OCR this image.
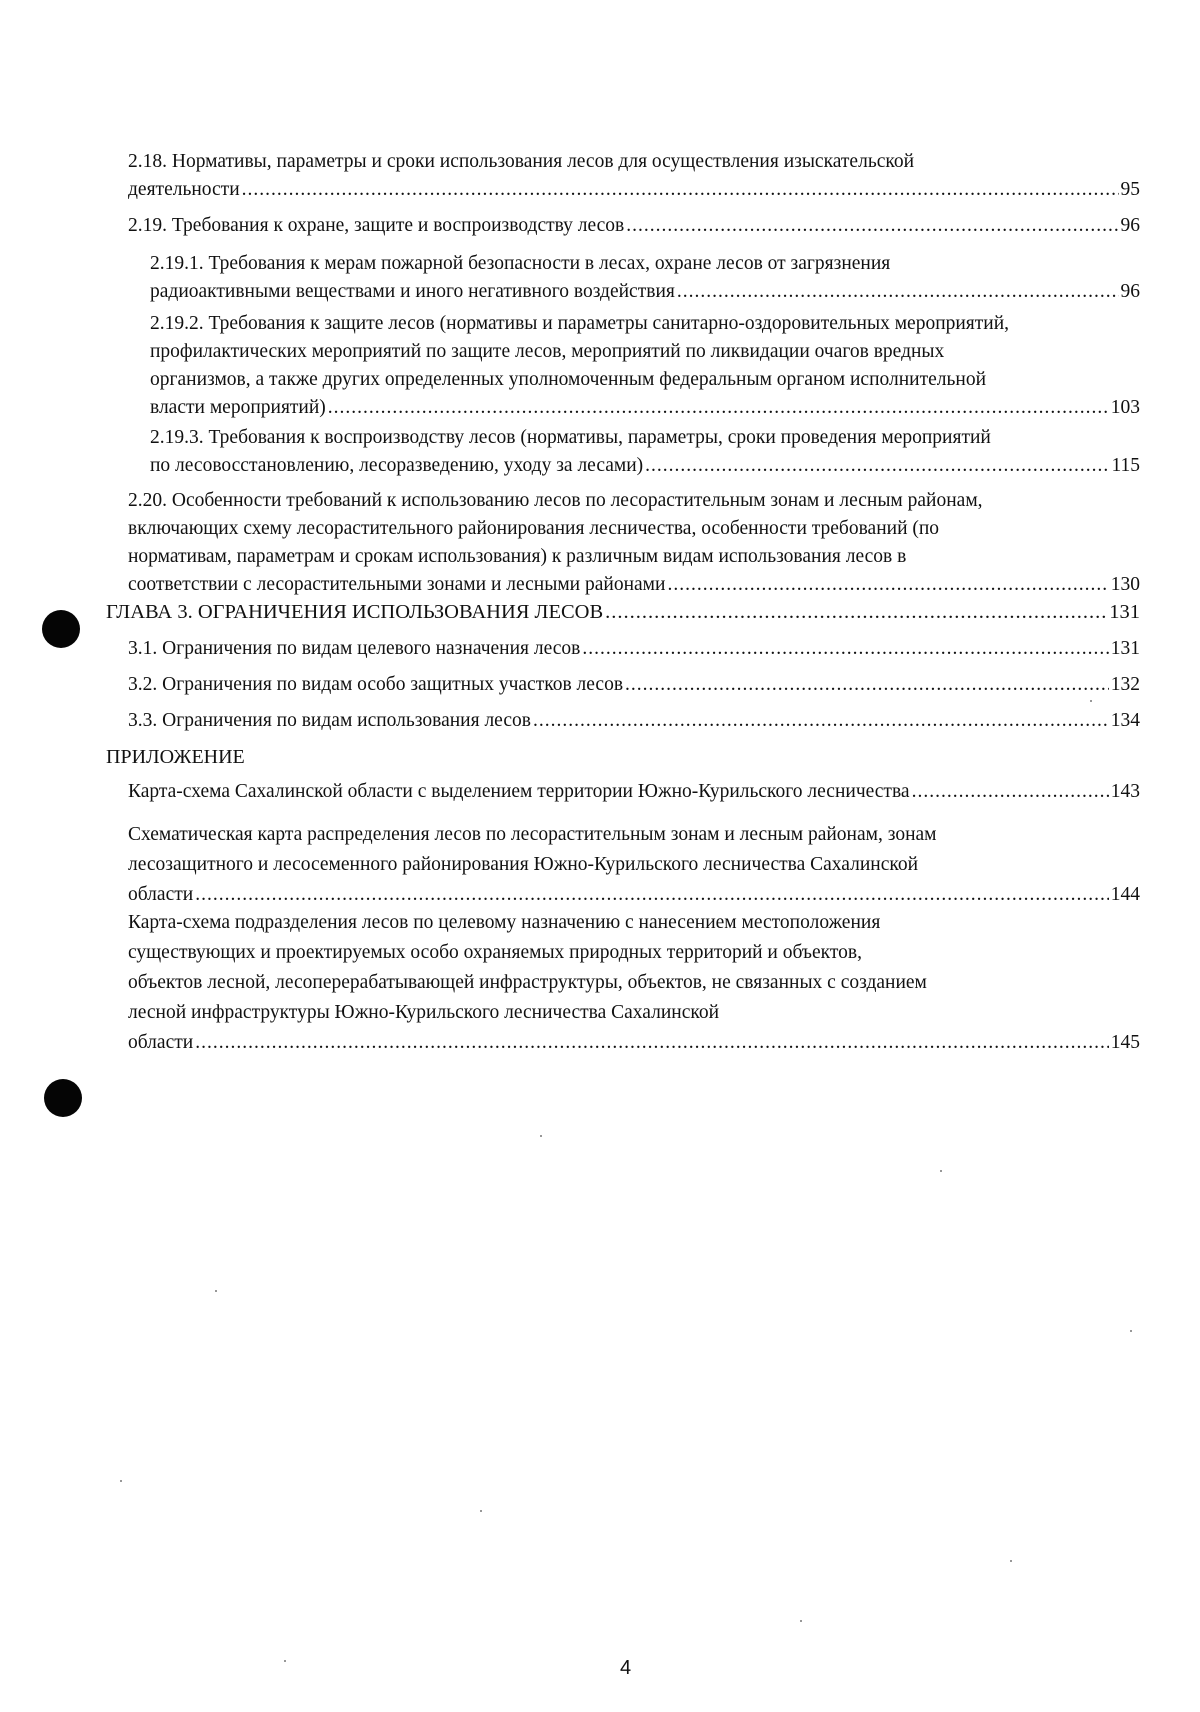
2.18. Нормативы, параметры и сроки использования лесов для осуществления изыскательской
деятельности .....	95
2.19. Требования к охране, защите и воспроизводству лесов .....	96
2.19.1. Требования к мерам пожарной безопасности в лесах, охране лесов от загрязнения
радиоактивными веществами и иного негативного воздействия .....	96
2.19.2. Требования к защите лесов (нормативы и параметры санитарно-оздоровительных мероприятий,
профилактических мероприятий по защите лесов, мероприятий по ликвидации очагов вредных
организмов, а также других определенных уполномоченным федеральным органом исполнительной
власти мероприятий) .....	103
2.19.3. Требования к воспроизводству лесов (нормативы, параметры, сроки проведения мероприятий
по лесовосстановлению, лесоразведению, уходу за лесами) .....	115
2.20. Особенности требований к использованию лесов по лесорастительным зонам и лесным районам,
включающих схему лесорастительного районирования лесничества, особенности требований (по
нормативам, параметрам и срокам использования) к различным видам использования лесов в
соответствии с лесорастительными зонами и лесными районами .....	130
ГЛАВА 3. ОГРАНИЧЕНИЯ ИСПОЛЬЗОВАНИЯ ЛЕСОВ .....	131
3.1. Ограничения по видам целевого назначения лесов .....	131
3.2. Ограничения по видам особо защитных участков лесов .....	132
3.3. Ограничения по видам использования лесов .....	134
ПРИЛОЖЕНИЕ
Карта-схема Сахалинской области с выделением территории Южно-Курильского лесничества .....	143
Схематическая карта распределения лесов по лесорастительным зонам и лесным районам, зонам
лесозащитного и лесосеменного районирования Южно-Курильского лесничества Сахалинской
области .....	144
Карта-схема подразделения лесов по целевому назначению с нанесением местоположения
существующих и проектируемых особо охраняемых природных территорий и объектов,
объектов лесной, лесоперерабатывающей инфраструктуры, объектов, не связанных с созданием
лесной инфраструктуры Южно-Курильского лесничества Сахалинской
области .....	145
4
